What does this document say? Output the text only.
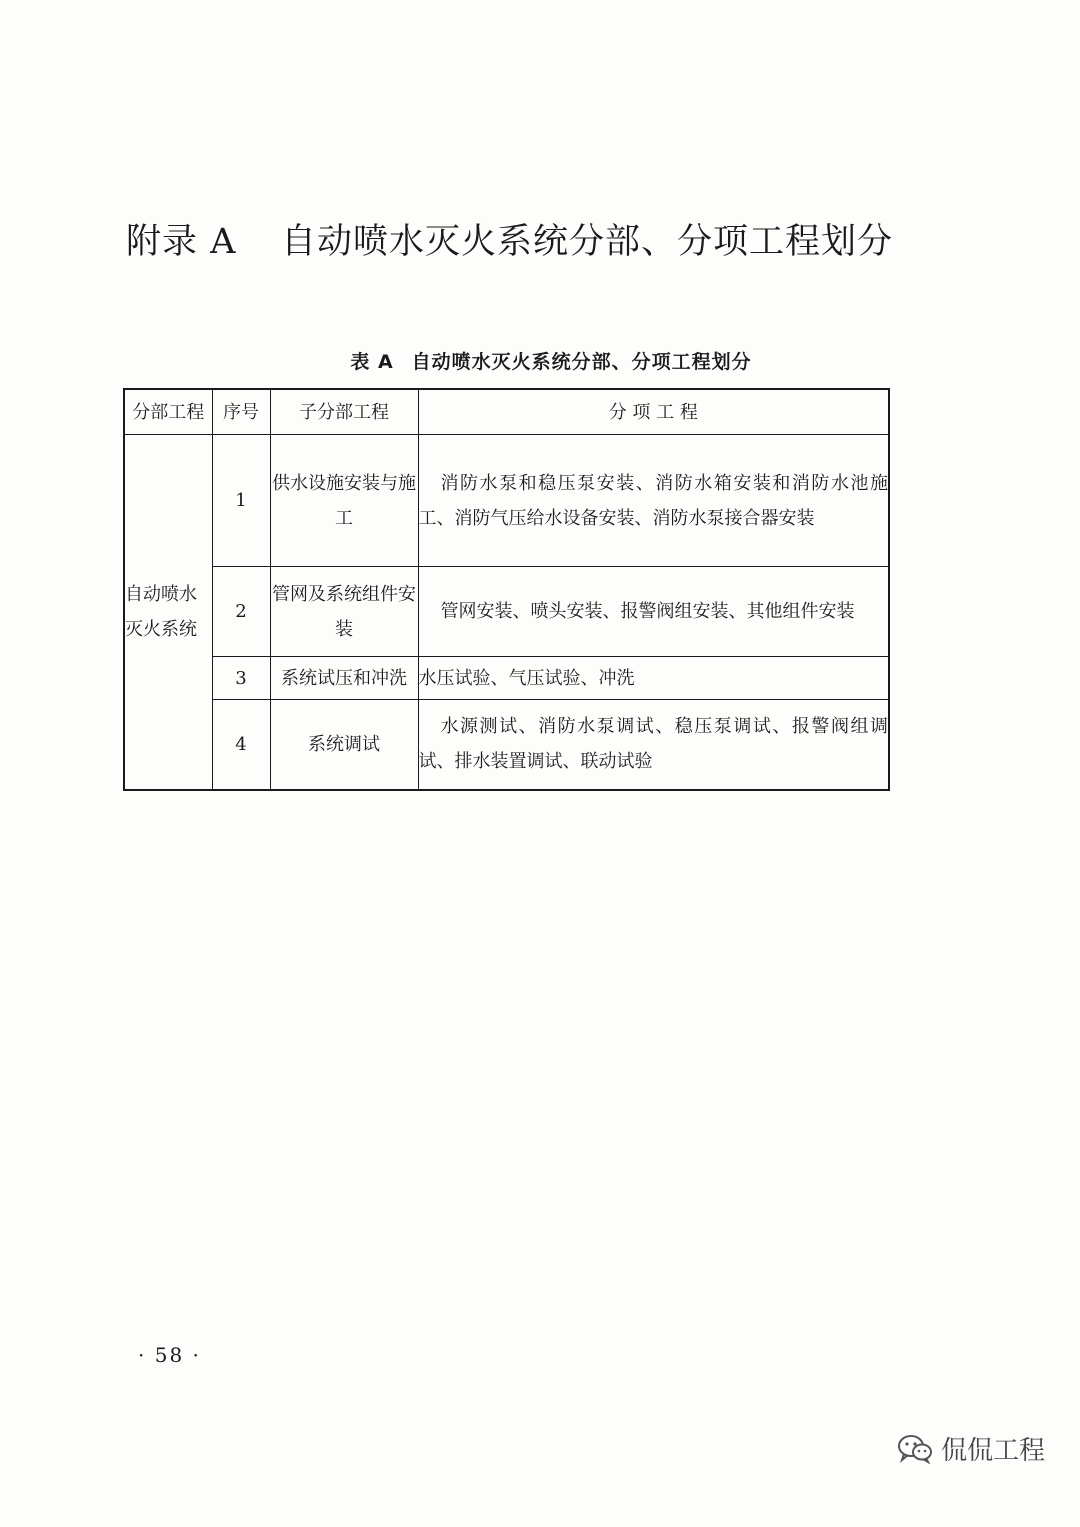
附录 A 自动喷水灭火系统分部、分项工程划分

表 A 自动喷水灭火系统分部、分项工程划分

分部工程	序号	子分部工程	分 项 工 程
自动喷水灭火系统	1	供水设施安装与施工	消防水泵和稳压泵安装、消防水箱安装和消防水池施工、消防气压给水设备安装、消防水泵接合器安装
	2	管网及系统组件安装	管网安装、喷头安装、报警阀组安装、其他组件安装
	3	系统试压和冲洗	水压试验、气压试验、冲洗
	4	系统调试	水源测试、消防水泵调试、稳压泵调试、报警阀组调试、排水装置调试、联动试验

· 58 ·

侃侃工程
